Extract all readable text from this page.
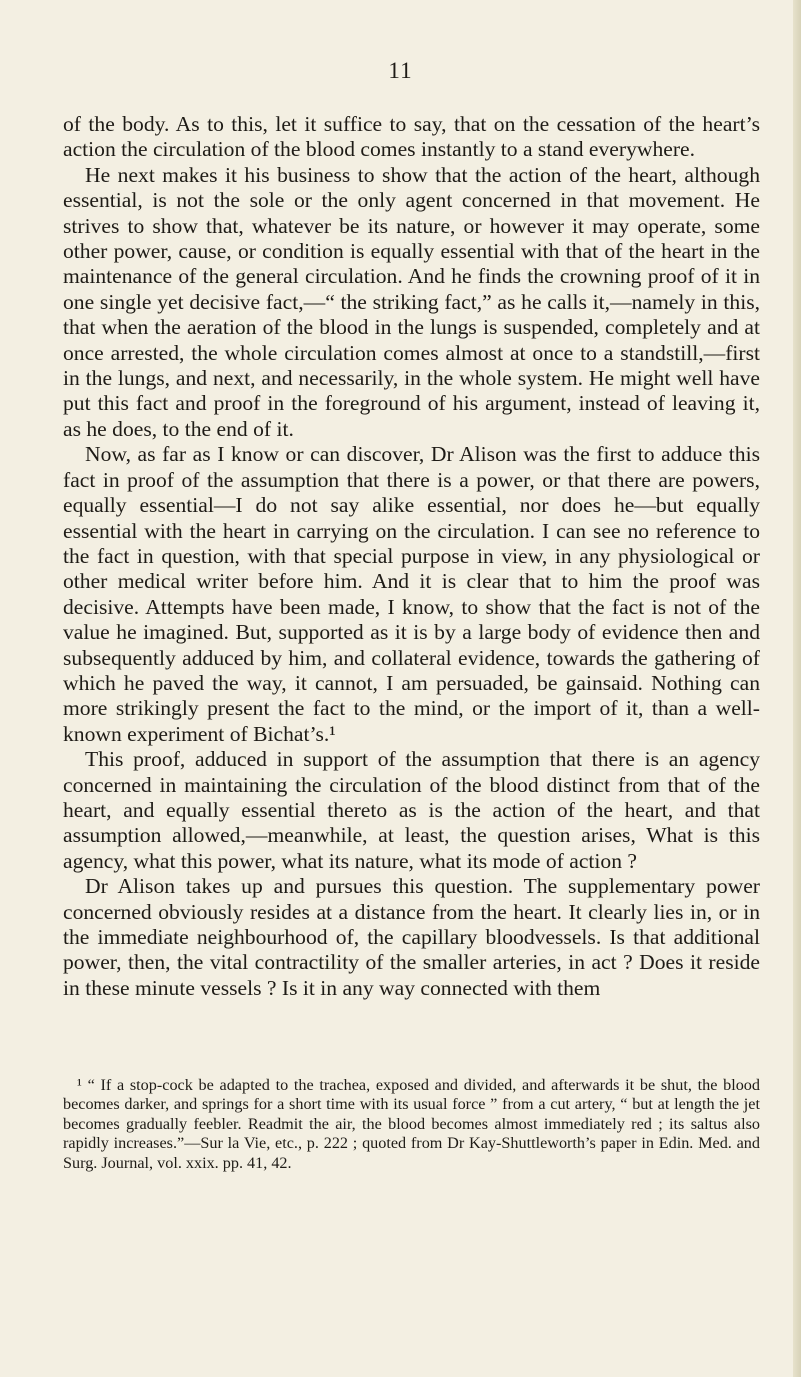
11

of the body. As to this, let it suffice to say, that on the cessation of the heart’s action the circulation of the blood comes instantly to a stand everywhere.

He next makes it his business to show that the action of the heart, although essential, is not the sole or the only agent concerned in that movement. He strives to show that, whatever be its nature, or however it may operate, some other power, cause, or condition is equally essential with that of the heart in the maintenance of the general circulation. And he finds the crowning proof of it in one single yet decisive fact,—“ the striking fact,” as he calls it,—namely in this, that when the aeration of the blood in the lungs is suspended, completely and at once arrested, the whole circulation comes almost at once to a standstill,—first in the lungs, and next, and necessarily, in the whole system. He might well have put this fact and proof in the foreground of his argument, instead of leaving it, as he does, to the end of it.

Now, as far as I know or can discover, Dr Alison was the first to adduce this fact in proof of the assumption that there is a power, or that there are powers, equally essential—I do not say alike essential, nor does he—but equally essential with the heart in carrying on the circulation. I can see no reference to the fact in question, with that special purpose in view, in any physiological or other medical writer before him. And it is clear that to him the proof was decisive. Attempts have been made, I know, to show that the fact is not of the value he imagined. But, supported as it is by a large body of evidence then and subsequently adduced by him, and collateral evidence, towards the gathering of which he paved the way, it cannot, I am persuaded, be gainsaid. Nothing can more strikingly present the fact to the mind, or the import of it, than a well-known experiment of Bichat’s.¹

This proof, adduced in support of the assumption that there is an agency concerned in maintaining the circulation of the blood distinct from that of the heart, and equally essential thereto as is the action of the heart, and that assumption allowed,—meanwhile, at least, the question arises, What is this agency, what this power, what its nature, what its mode of action ?

Dr Alison takes up and pursues this question. The supplementary power concerned obviously resides at a distance from the heart. It clearly lies in, or in the immediate neighbourhood of, the capillary bloodvessels. Is that additional power, then, the vital contractility of the smaller arteries, in act ? Does it reside in these minute vessels ? Is it in any way connected with them

¹ “ If a stop-cock be adapted to the trachea, exposed and divided, and afterwards it be shut, the blood becomes darker, and springs for a short time with its usual force ” from a cut artery, “ but at length the jet becomes gradually feebler. Readmit the air, the blood becomes almost immediately red ; its saltus also rapidly increases.”—Sur la Vie, etc., p. 222 ; quoted from Dr Kay-Shuttleworth’s paper in Edin. Med. and Surg. Journal, vol. xxix. pp. 41, 42.
